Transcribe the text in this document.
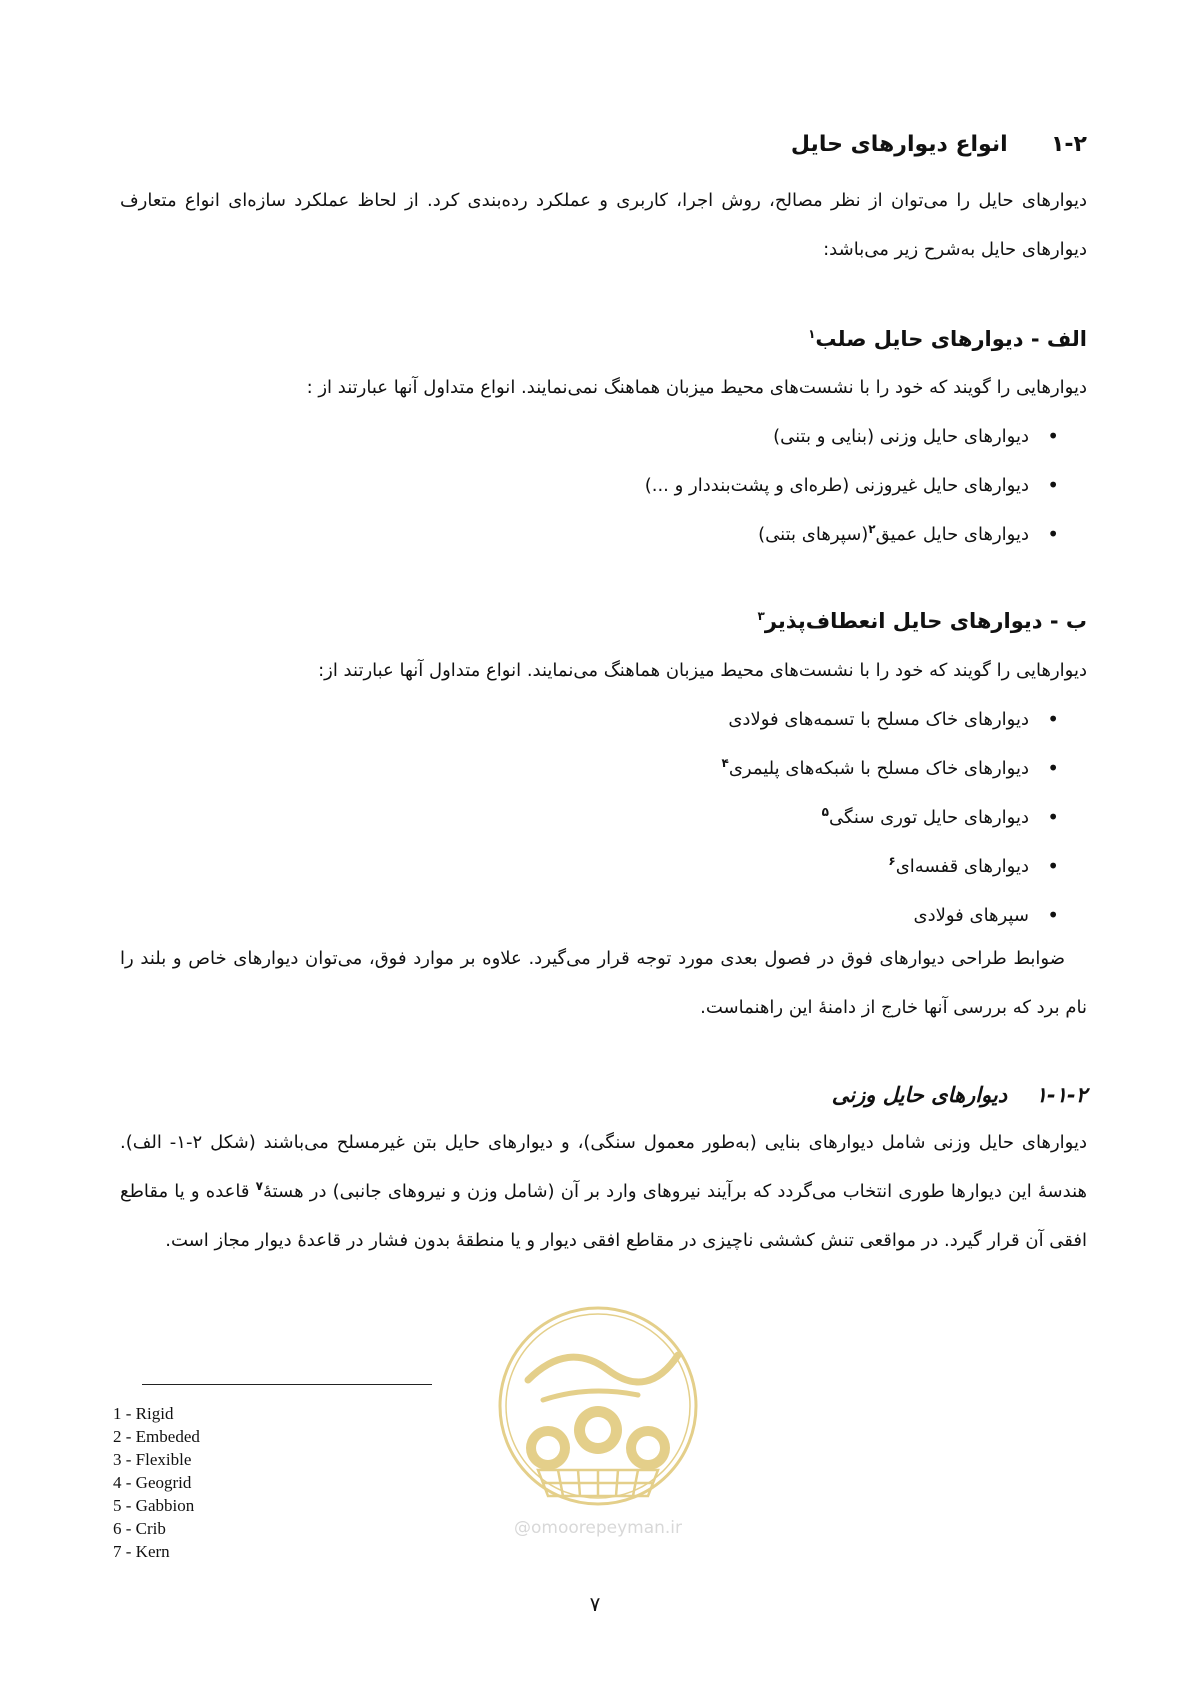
۱-۲  انواع دیوارهای حایل
دیوارهای حایل را می‌توان از نظر مصالح، روش اجرا، کاربری و عملکرد رده‌بندی کرد. از لحاظ عملکرد سازه‌ای انواع متعارف دیوارهای حایل به‌شرح زیر می‌باشد:
الف - دیوارهای حایل صلب$^۱$
دیوارهایی را گویند که خود را با نشست‌های محیط میزبان هماهنگ نمی‌نمایند. انواع متداول آنها عبارتند از :
• دیوارهای حایل وزنی (بنایی و بتنی)
• دیوارهای حایل غیروزنی (طره‌ای و پشت‌بنددار و ...)
• دیوارهای حایل عمیق$^۲$(سپرهای بتنی)
ب - دیوارهای حایل انعطاف‌پذیر$^۳$
دیوارهایی را گویند که خود را با نشست‌های محیط میزبان هماهنگ می‌نمایند. انواع متداول آنها عبارتند از:
• دیوارهای خاک مسلح با تسمه‌های فولادی
• دیوارهای خاک مسلح با شبکه‌های پلیمری$^۴$
• دیوارهای حایل توری سنگی$^۵$
• دیوارهای قفسه‌ای$^۶$
• سپرهای فولادی
ضوابط طراحی دیوارهای فوق در فصول بعدی مورد توجه قرار می‌گیرد. علاوه بر موارد فوق، می‌توان دیوارهای خاص و بلند را نام برد که بررسی آنها خارج از دامنهٔ این راهنماست.
۱-۱-۲  دیوارهای حایل وزنی
دیوارهای حایل وزنی شامل دیوارهای بنایی (به‌طور معمول سنگی)، و دیوارهای حایل بتن غیرمسلح می‌باشند (شکل ۲-۱- الف). هندسهٔ این دیوارها طوری انتخاب می‌گردد که برآیند نیروهای وارد بر آن (شامل وزن و نیروهای جانبی) در هستهٔ$^۷$ قاعده و یا مقاطع افقی آن قرار گیرد. در مواقعی تنش کششی ناچیزی در مقاطع افقی دیوار و یا منطقهٔ بدون فشار در قاعدهٔ دیوار مجاز است.
1 - Rigid
2 - Embeded
3 - Flexible
4 - Geogrid
5 - Gabbion
6 - Crib
7 - Kern
@omoorepeyman.ir
۷
